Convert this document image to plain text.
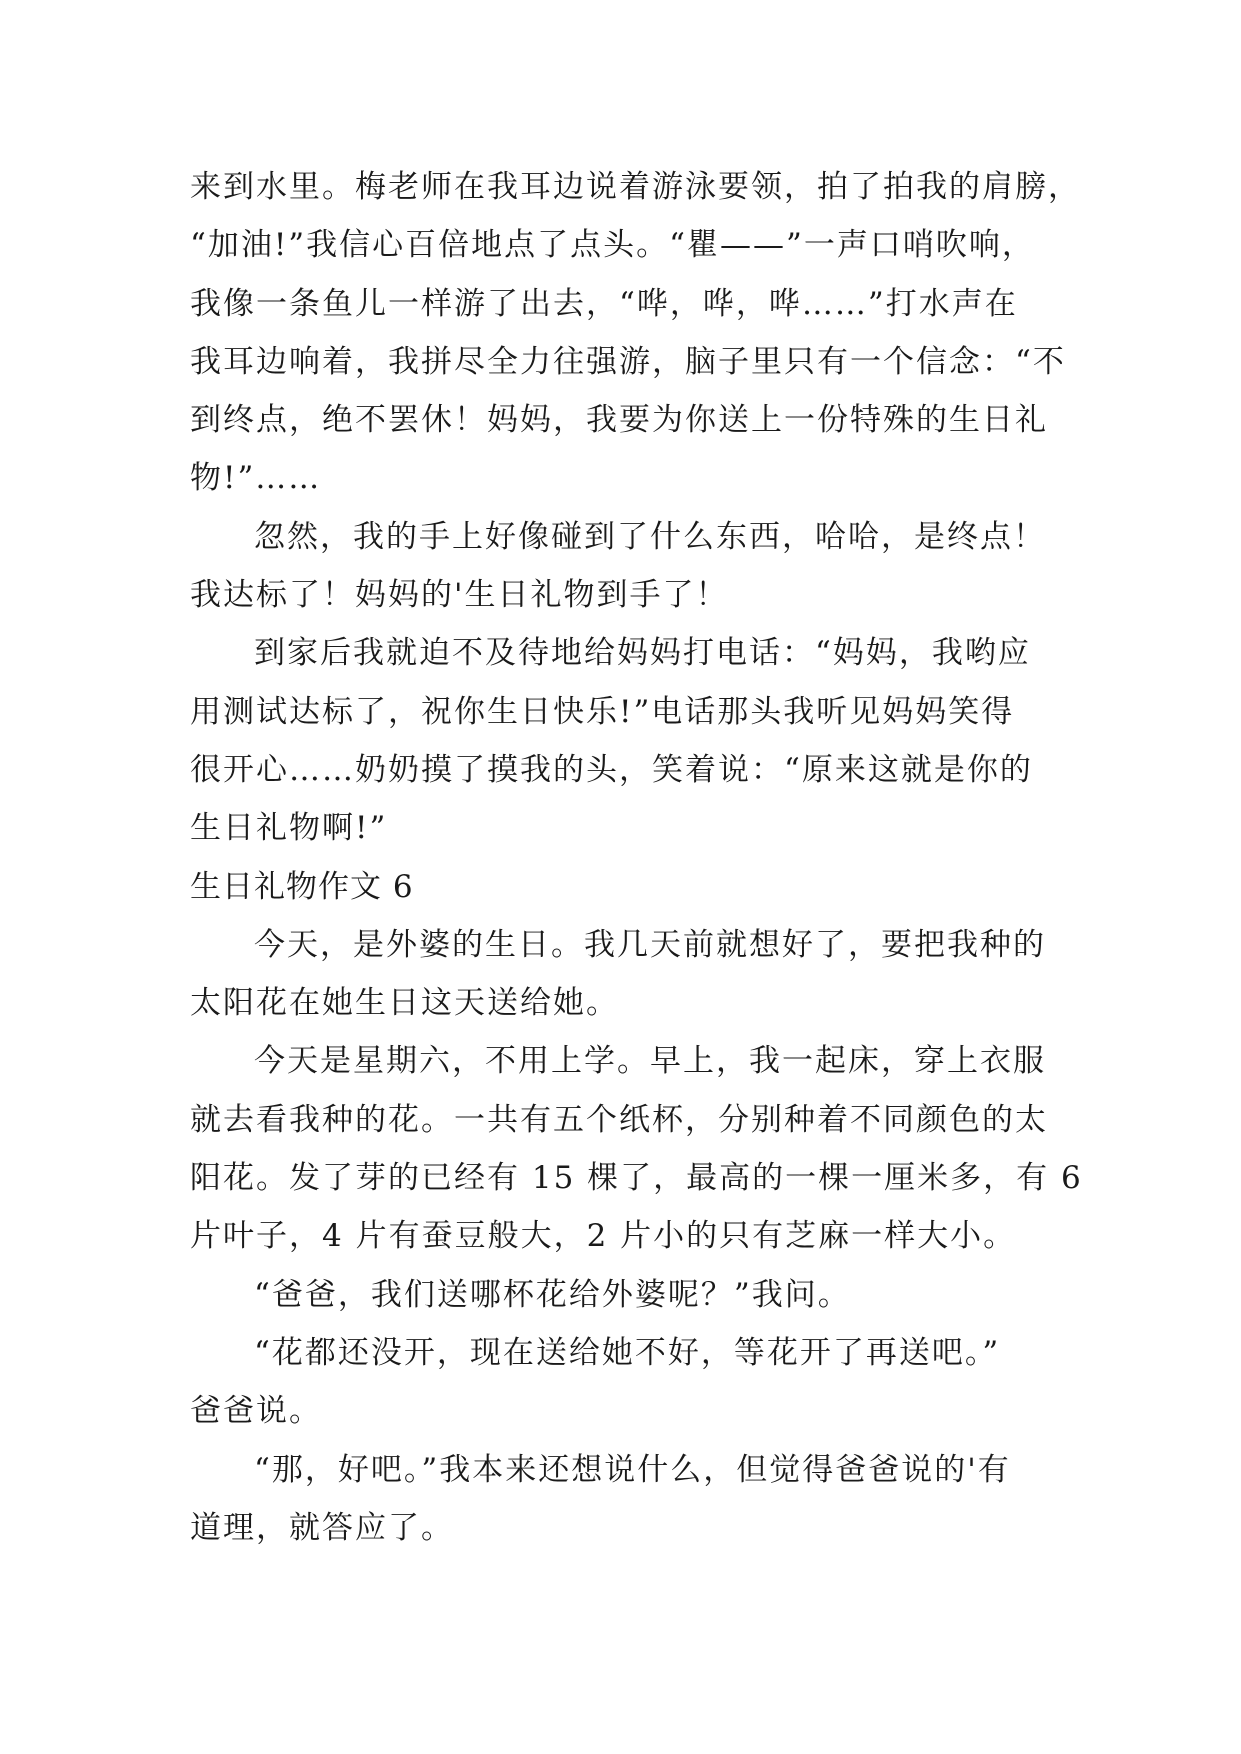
来到水里。梅老师在我耳边说着游泳要领，拍了拍我的肩膀，
“加油!”我信心百倍地点了点头。“瞿——”一声口哨吹响，
我像一条鱼儿一样游了出去，“哗，哗，哗……”打水声在
我耳边响着，我拼尽全力往强游，脑子里只有一个信念：“不
到终点，绝不罢休！妈妈，我要为你送上一份特殊的生日礼
物!”……
忽然，我的手上好像碰到了什么东西，哈哈，是终点！
我达标了！妈妈的'生日礼物到手了！
到家后我就迫不及待地给妈妈打电话：“妈妈，我哟应
用测试达标了，祝你生日快乐!”电话那头我听见妈妈笑得
很开心……奶奶摸了摸我的头，笑着说：“原来这就是你的
生日礼物啊!”
生日礼物作文 6
今天，是外婆的生日。我几天前就想好了，要把我种的
太阳花在她生日这天送给她。
今天是星期六，不用上学。早上，我一起床，穿上衣服
就去看我种的花。一共有五个纸杯，分别种着不同颜色的太
阳花。发了芽的已经有 15 棵了，最高的一棵一厘米多，有 6
片叶子，4 片有蚕豆般大，2 片小的只有芝麻一样大小。
“爸爸，我们送哪杯花给外婆呢？”我问。
“花都还没开，现在送给她不好，等花开了再送吧。”
爸爸说。
“那，好吧。”我本来还想说什么，但觉得爸爸说的'有
道理，就答应了。
